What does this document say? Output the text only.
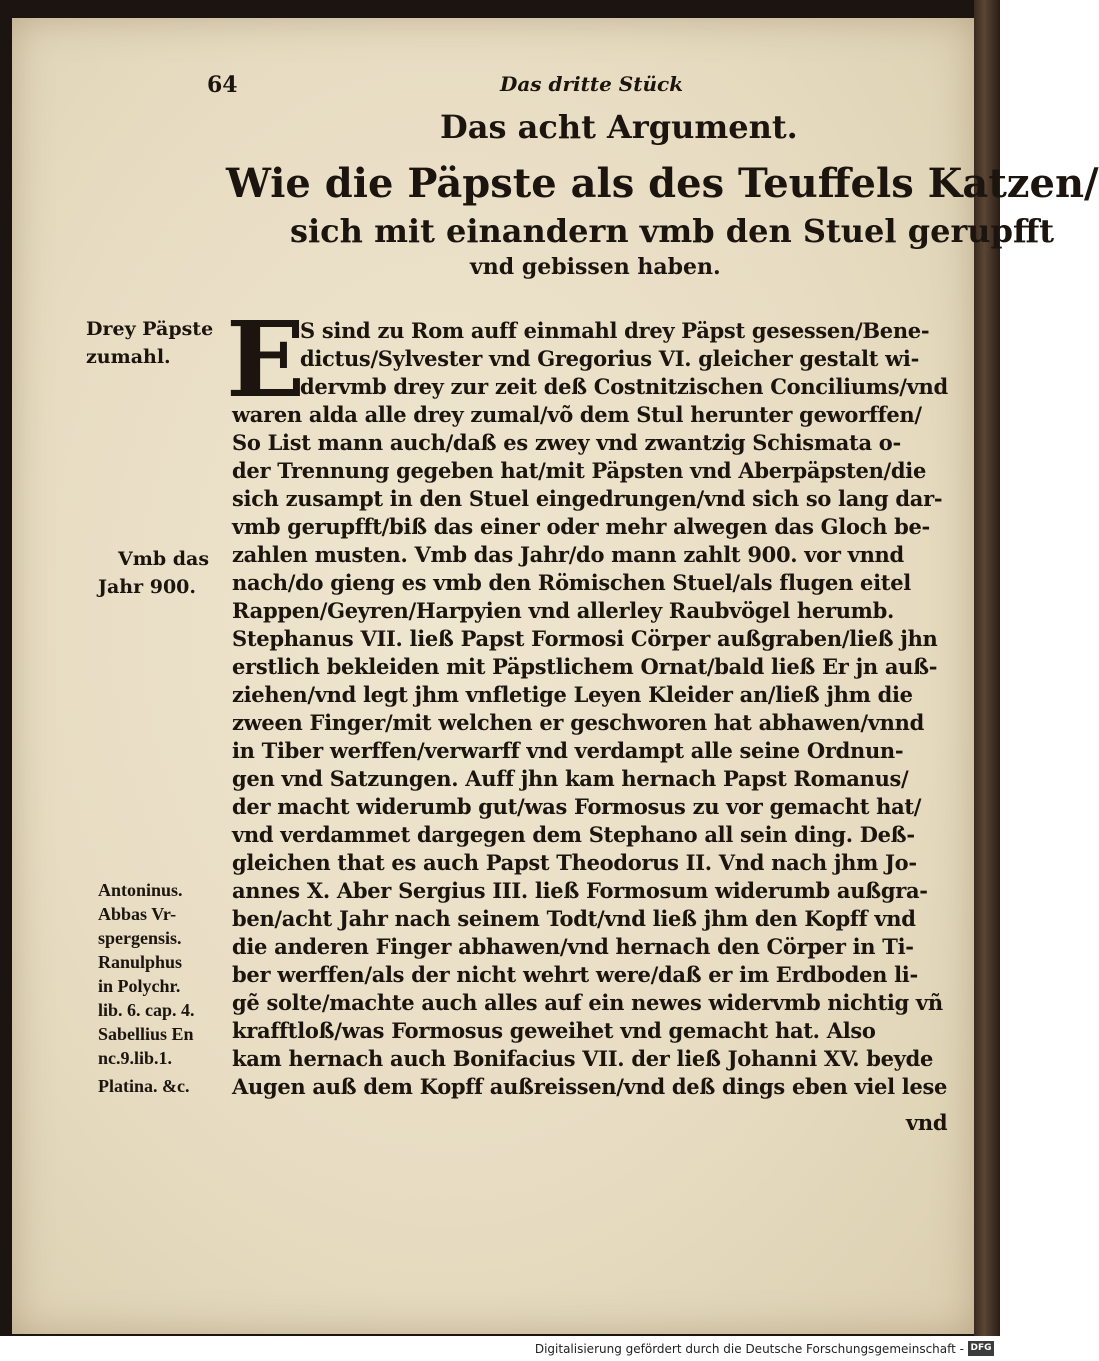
64	Das dritte Stück
Das acht Argument.
Wie die Päpste als des Teuffels Katzen/
sich mit einandern vmb den Stuel gerupfft
vnd gebissen haben.
E
S sind zu Rom auff einmahl drey Päpst gesessen/Bene-
dictus/Sylvester vnd Gregorius VI. gleicher gestalt wi-
dervmb drey zur zeit deß Costnitzischen Conciliums/vnd
waren alda alle drey zumal/võ dem Stul herunter geworffen/
So List mann auch/daß es zwey vnd zwantzig Schismata o-
der Trennung gegeben hat/mit Päpsten vnd Aberpäpsten/die
sich zusampt in den Stuel eingedrungen/vnd sich so lang dar-
vmb gerupfft/biß das einer oder mehr alwegen das Gloch be-
zahlen musten. Vmb das Jahr/do mann zahlt 900. vor vnnd
nach/do gieng es vmb den Römischen Stuel/als flugen eitel
Rappen/Geyren/Harpyien vnd allerley Raubvögel herumb.
Stephanus VII. ließ Papst Formosi Cörper außgraben/ließ jhn
erstlich bekleiden mit Päpstlichem Ornat/bald ließ Er jn auß-
ziehen/vnd legt jhm vnfletige Leyen Kleider an/ließ jhm die
zween Finger/mit welchen er geschworen hat abhawen/vnnd
in Tiber werffen/verwarff vnd verdampt alle seine Ordnun-
gen vnd Satzungen. Auff jhn kam hernach Papst Romanus/
der macht widerumb gut/was Formosus zu vor gemacht hat/
vnd verdammet dargegen dem Stephano all sein ding. Deß-
gleichen that es auch Papst Theodorus II. Vnd nach jhm Jo-
annes X. Aber Sergius III. ließ Formosum widerumb außgra-
ben/acht Jahr nach seinem Todt/vnd ließ jhm den Kopff vnd
die anderen Finger abhawen/vnd hernach den Cörper in Ti-
ber werffen/als der nicht wehrt were/daß er im Erdboden li-
gẽ solte/machte auch alles auf ein newes widervmb nichtig vñ
krafftloß/was Formosus geweihet vnd gemacht hat. Also
kam hernach auch Bonifacius VII. der ließ Johanni XV. beyde
Augen auß dem Kopff außreissen/vnd deß dings eben viel lese
vnd
Drey Päpste
zumahl.
Vmb das
Jahr 900.
Antoninus.
Abbas Vr-
spergensis.
Ranulphus
in Polychr.
lib. 6. cap. 4.
Sabellius En
nc.9.lib.1.
Platina. &c.
Digitalisierung gefördert durch die Deutsche Forschungsgemeinschaft - DFG
